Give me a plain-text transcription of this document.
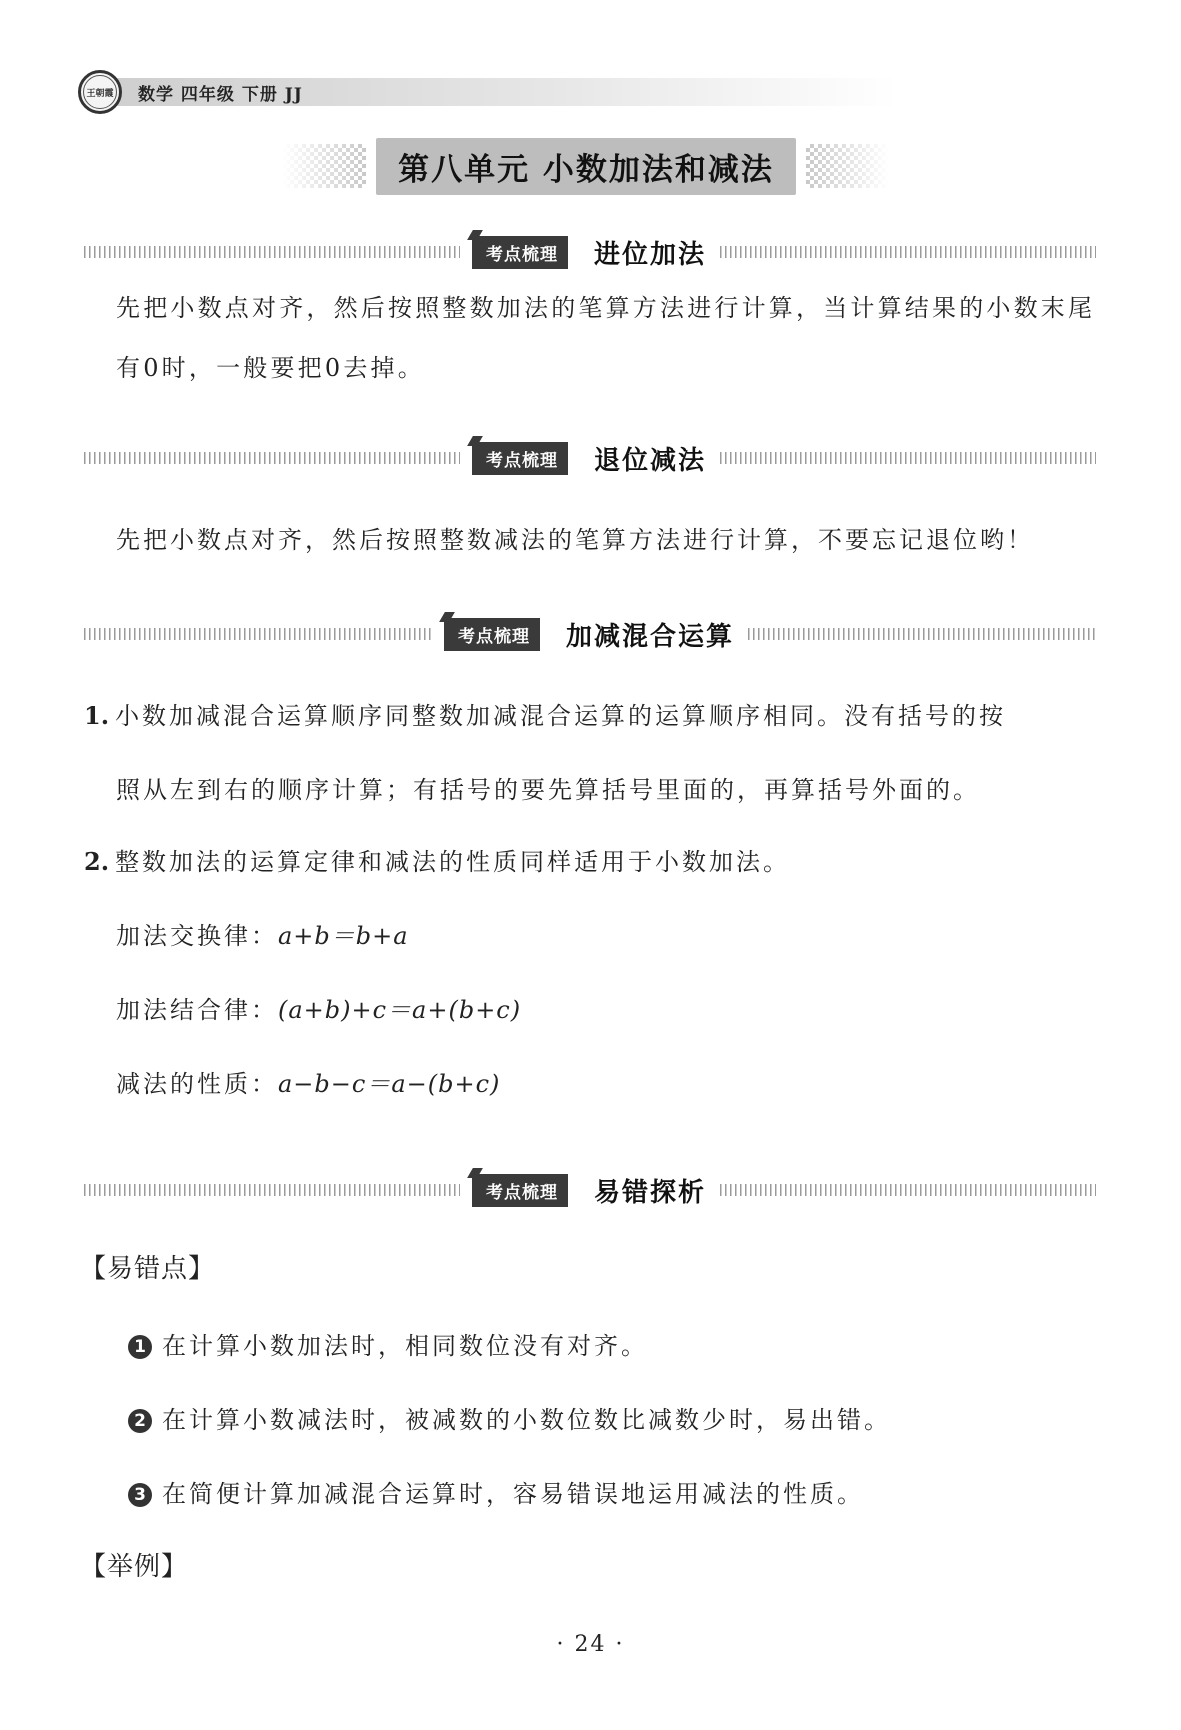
王朝霞	数学 四年级 下册 JJ
第八单元 小数加法和减法
考点梳理	进位加法

先把小数点对齐，然后按照整数加法的笔算方法进行计算，当计算结果的小数末尾有0时，一般要把0去掉。

考点梳理	退位减法

先把小数点对齐，然后按照整数减法的笔算方法进行计算，不要忘记退位哟！

考点梳理	加减混合运算

1. 小数加减混合运算顺序同整数加减混合运算的运算顺序相同。没有括号的按

照从左到右的顺序计算；有括号的要先算括号里面的，再算括号外面的。

2. 整数加法的运算定律和减法的性质同样适用于小数加法。

加法交换律：a+b＝b+a

加法结合律：(a+b)+c＝a+(b+c)

减法的性质：a−b−c＝a−(b+c)

考点梳理	易错探析

【易错点】

1 在计算小数加法时，相同数位没有对齐。

2 在计算小数减法时，被减数的小数位数比减数少时，易出错。

3 在简便计算加减混合运算时，容易错误地运用减法的性质。

【举例】

· 24 ·
